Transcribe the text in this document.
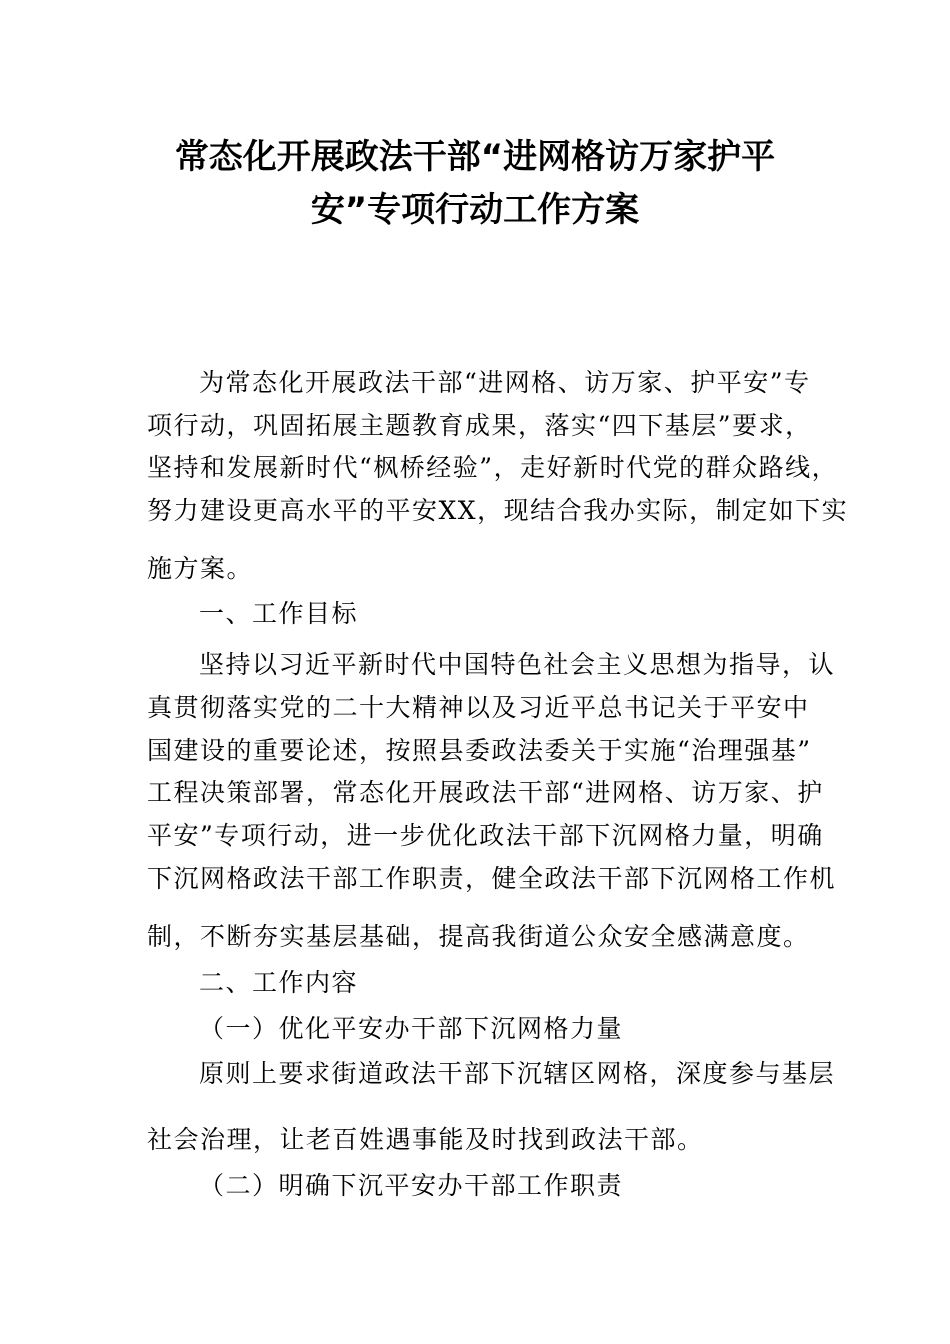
常态化开展政法干部“进网格访万家护平
安”专项行动工作方案
为常态化开展政法干部“进网格、访万家、护平安”专
项行动，巩固拓展主题教育成果，落实“四下基层”要求，
坚持和发展新时代“枫桥经验”，走好新时代党的群众路线，
努力建设更高水平的平安XX，现结合我办实际，制定如下实
施方案。
一、工作目标
坚持以习近平新时代中国特色社会主义思想为指导，认
真贯彻落实党的二十大精神以及习近平总书记关于平安中
国建设的重要论述，按照县委政法委关于实施“治理强基”
工程决策部署，常态化开展政法干部“进网格、访万家、护
平安”专项行动，进一步优化政法干部下沉网格力量，明确
下沉网格政法干部工作职责，健全政法干部下沉网格工作机
制，不断夯实基层基础，提高我街道公众安全感满意度。
二、工作内容
（一）优化平安办干部下沉网格力量
原则上要求街道政法干部下沉辖区网格，深度参与基层
社会治理，让老百姓遇事能及时找到政法干部。
（二）明确下沉平安办干部工作职责
